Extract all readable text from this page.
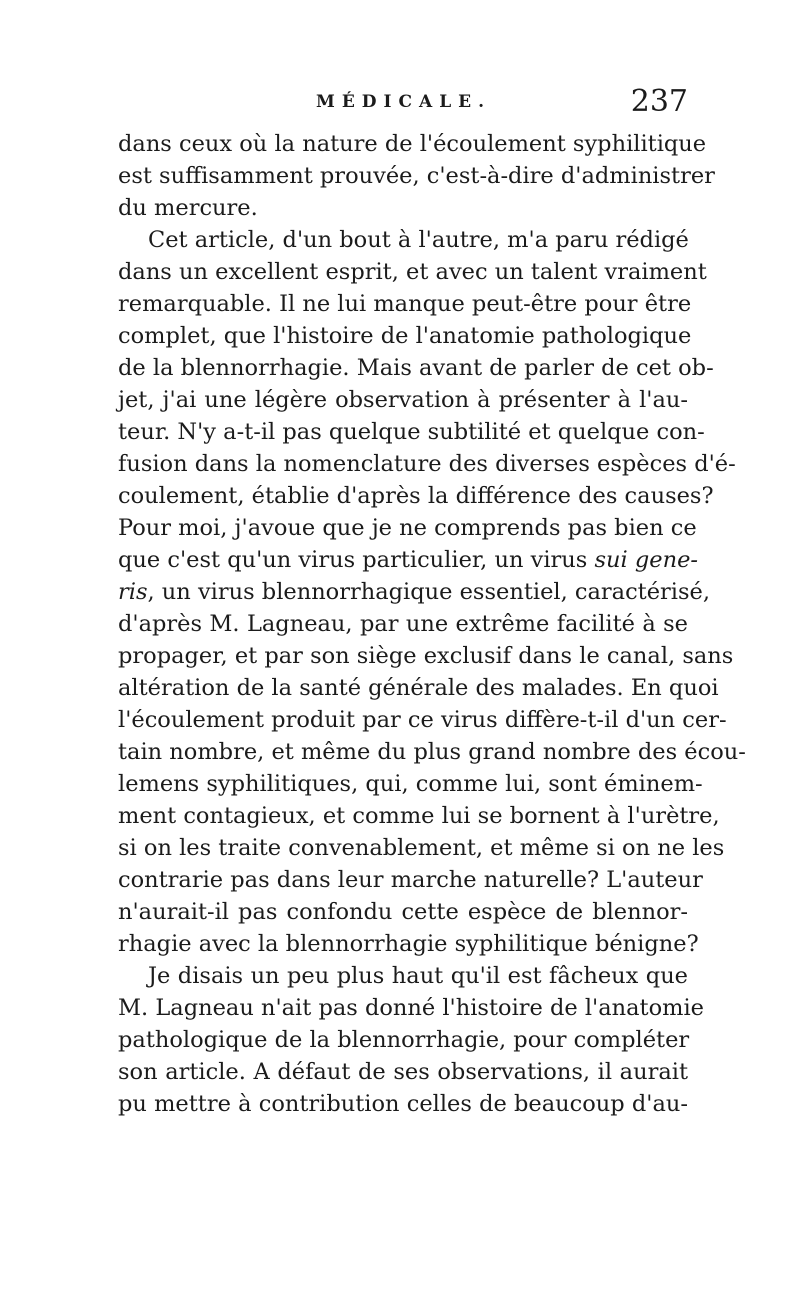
MÉDICALE.	237
dans ceux où la nature de l'écoulement syphilitique
est suffisamment prouvée, c'est-à-dire d'administrer
du mercure.
Cet article, d'un bout à l'autre, m'a paru rédigé
dans un excellent esprit, et avec un talent vraiment
remarquable. Il ne lui manque peut-être pour être
complet, que l'histoire de l'anatomie pathologique
de la blennorrhagie. Mais avant de parler de cet ob-
jet, j'ai une légère observation à présenter à l'au-
teur. N'y a-t-il pas quelque subtilité et quelque con-
fusion dans la nomenclature des diverses espèces d'é-
coulement, établie d'après la différence des causes?
Pour moi, j'avoue que je ne comprends pas bien ce
que c'est qu'un virus particulier, un virus sui gene-
ris, un virus blennorrhagique essentiel, caractérisé,
d'après M. Lagneau, par une extrême facilité à se
propager, et par son siège exclusif dans le canal, sans
altération de la santé générale des malades. En quoi
l'écoulement produit par ce virus diffère-t-il d'un cer-
tain nombre, et même du plus grand nombre des écou-
lemens syphilitiques, qui, comme lui, sont éminem-
ment contagieux, et comme lui se bornent à l'urètre,
si on les traite convenablement, et même si on ne les
contrarie pas dans leur marche naturelle? L'auteur
n'aurait-il pas confondu cette espèce de blennor-
rhagie avec la blennorrhagie syphilitique bénigne?
Je disais un peu plus haut qu'il est fâcheux que
M. Lagneau n'ait pas donné l'histoire de l'anatomie
pathologique de la blennorrhagie, pour compléter
son article. A défaut de ses observations, il aurait
pu mettre à contribution celles de beaucoup d'au-
